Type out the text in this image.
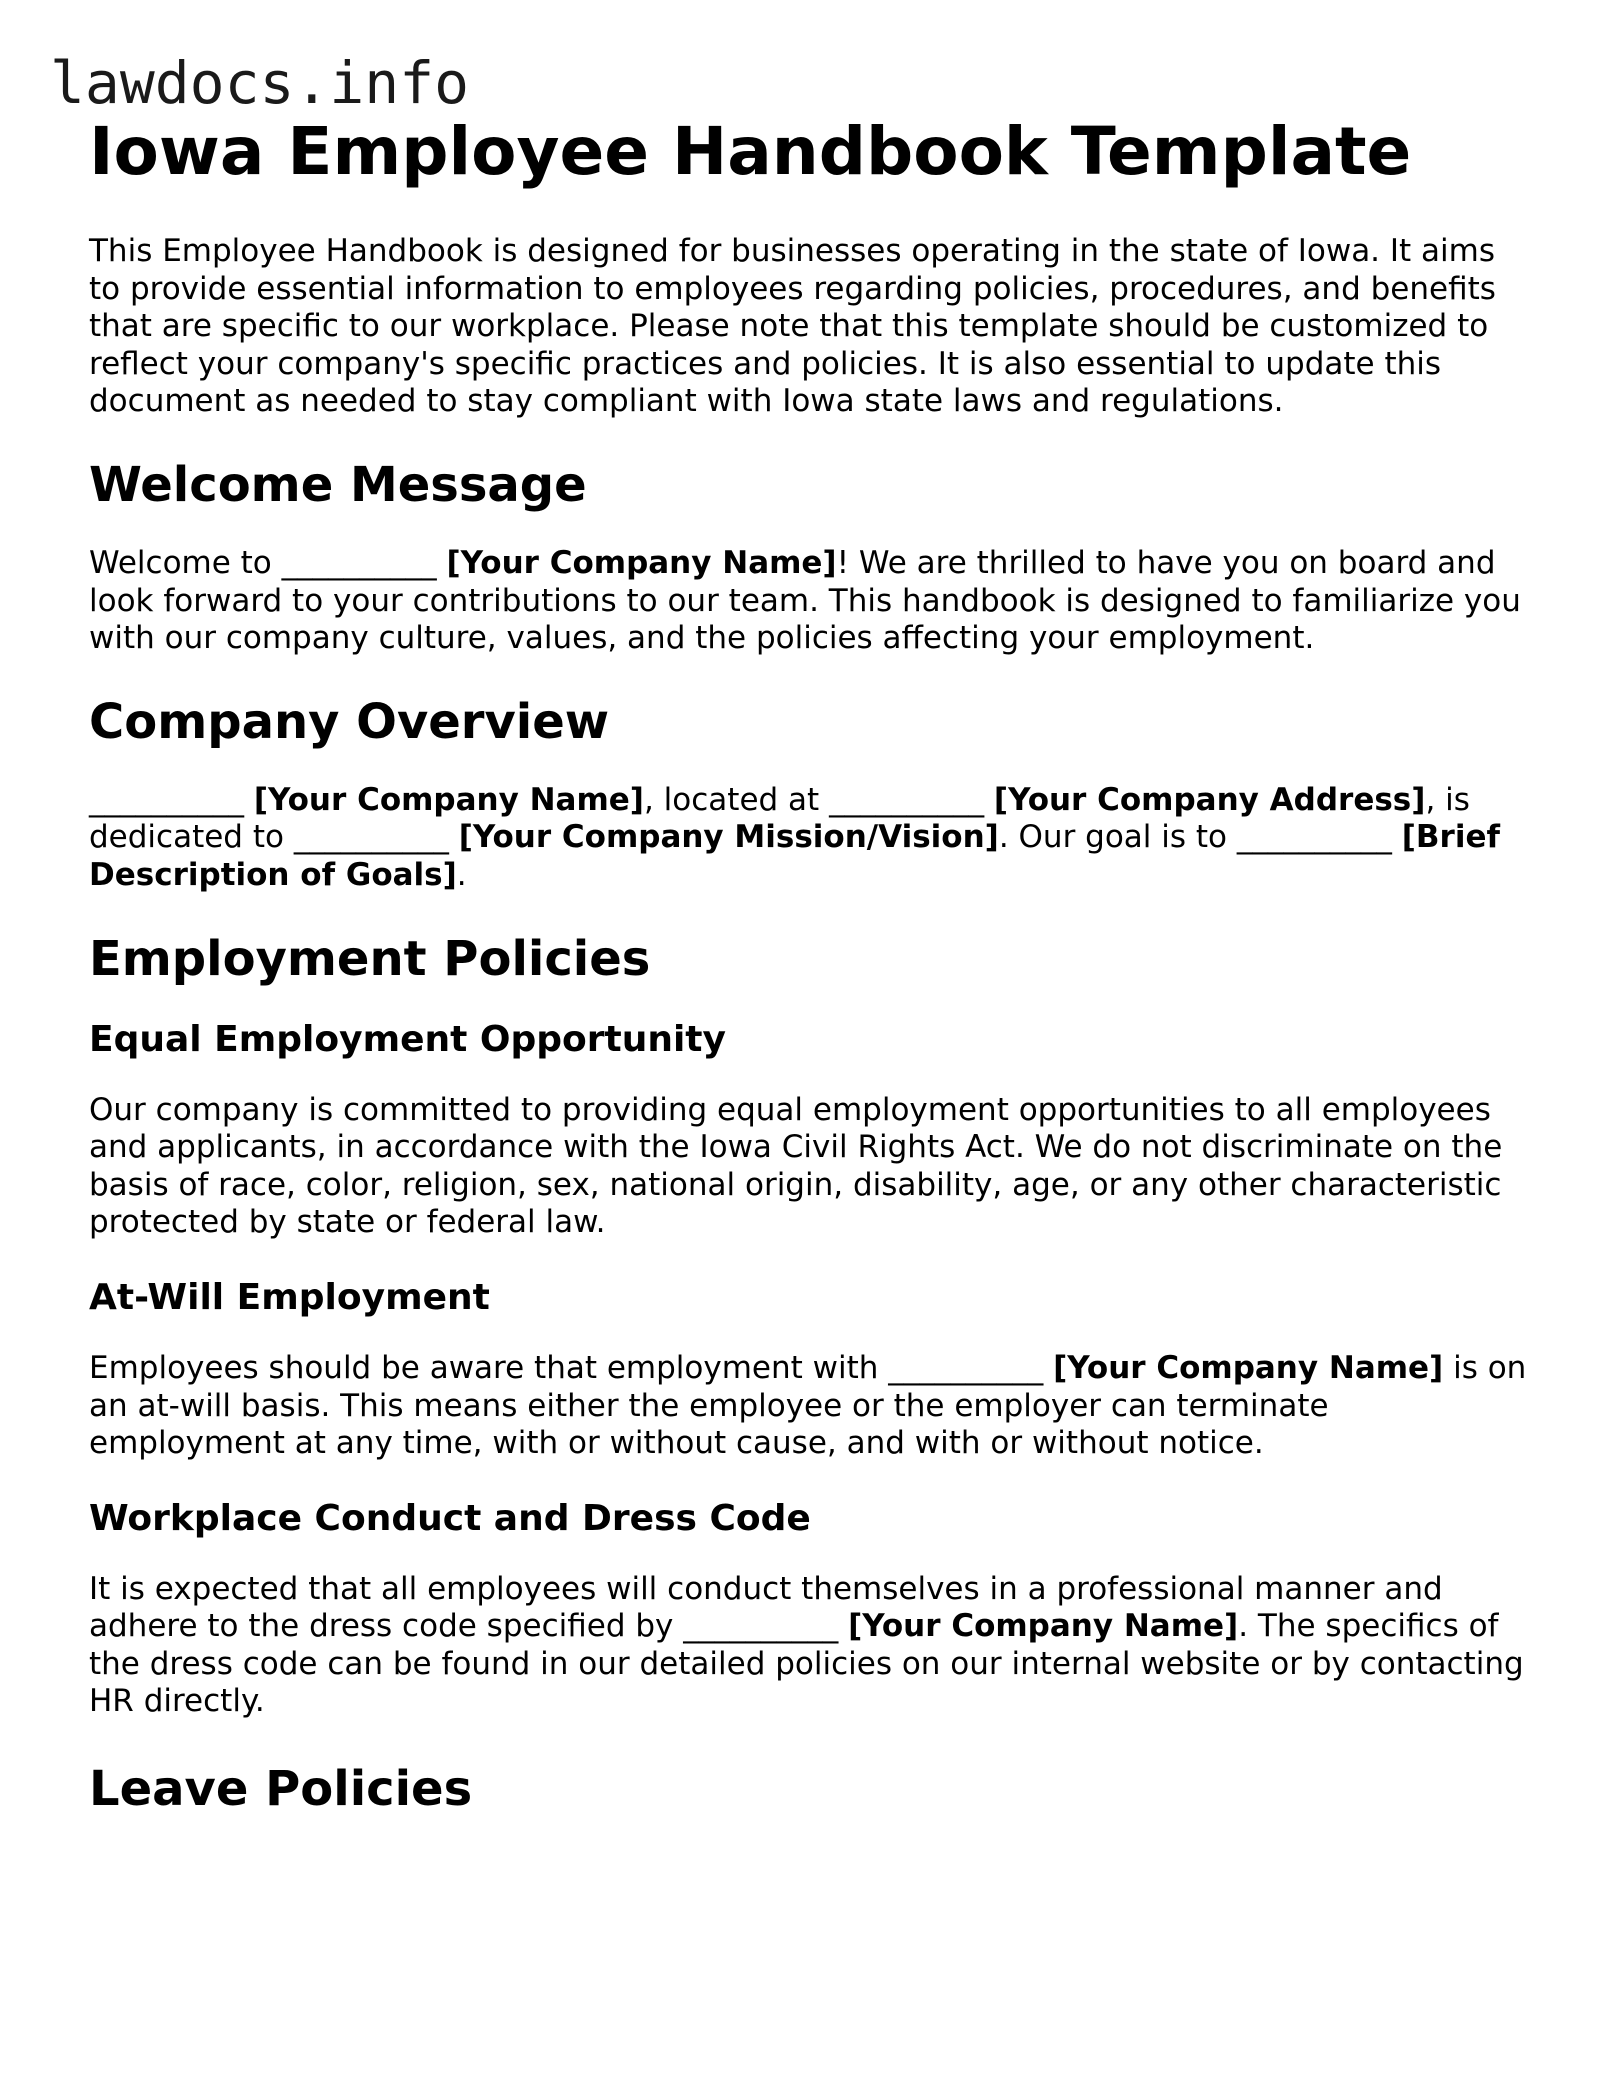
lawdocs.info
Iowa Employee Handbook Template

This Employee Handbook is designed for businesses operating in the state of Iowa. It aims to provide essential information to employees regarding policies, procedures, and benefits that are specific to our workplace. Please note that this template should be customized to reflect your company's specific practices and policies. It is also essential to update this document as needed to stay compliant with Iowa state laws and regulations.

Welcome Message

Welcome to __________ [Your Company Name]! We are thrilled to have you on board and look forward to your contributions to our team. This handbook is designed to familiarize you with our company culture, values, and the policies affecting your employment.

Company Overview

__________ [Your Company Name], located at __________ [Your Company Address], is dedicated to __________ [Your Company Mission/Vision]. Our goal is to __________ [Brief Description of Goals].

Employment Policies
Equal Employment Opportunity

Our company is committed to providing equal employment opportunities to all employees and applicants, in accordance with the Iowa Civil Rights Act. We do not discriminate on the basis of race, color, religion, sex, national origin, disability, age, or any other characteristic protected by state or federal law.

At-Will Employment

Employees should be aware that employment with __________ [Your Company Name] is on an at-will basis. This means either the employee or the employer can terminate employment at any time, with or without cause, and with or without notice.

Workplace Conduct and Dress Code

It is expected that all employees will conduct themselves in a professional manner and adhere to the dress code specified by __________ [Your Company Name]. The specifics of the dress code can be found in our detailed policies on our internal website or by contacting HR directly.

Leave Policies
